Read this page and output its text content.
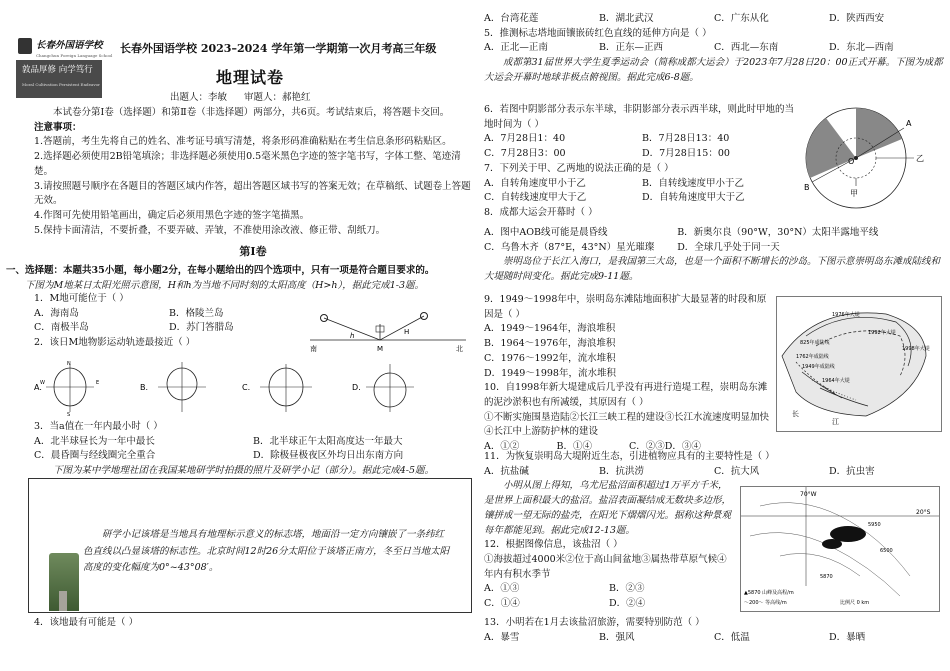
长春外国语学校
Changchun Foreign Language School
敦品厚修 向学笃行
Moral Cultivation Persistent Endeavor
长春外国语学校 2023–2024 学年第一学期第一次月考高三年级
地理试卷
出题人：李敏 审题人：郝艳红

本试卷分第Ⅰ卷（选择题）和第Ⅱ卷（非选择题）两部分，共6页。考试结束后，将答题卡交回。

注意事项：

1.答题前，考生先将自己的姓名、准考证号填写清楚，将条形码准确粘贴在考生信息条形码粘贴区。

2.选择题必须使用2B铅笔填涂；非选择题必须使用0.5毫米黑色字迹的签字笔书写，字体工整、笔迹清楚。

3.请按照题号顺序在各题目的答题区域内作答，超出答题区域书写的答案无效；在草稿纸、试题卷上答题无效。

4.作图可先使用铅笔画出，确定后必须用黑色字迹的签字笔描黑。

5.保持卡面清洁，不要折叠，不要弄破、弄皱，不准使用涂改液、修正带、刮纸刀。

第Ⅰ卷

一、选择题：本题共35小题，每小题2分，在每小题给出的四个选项中，只有一项是符合题目要求的。

下图为M地某日太阳光照示意图，H和h为当地不同时刻的太阳高度（H>h），据此完成1-3题。

南	北
M
h	H

1．M地可能位于（ ）

A．海南岛	B．格陵兰岛
C．南极半岛	D．苏门答腊岛

2．该日M地物影运动轨迹最接近（ ）

A.	B.	C.	D.
N
S
W	E

3．当a值在一年内最小时（ ）

A．北半球昼长为一年中最长	B．北半球正午太阳高度达一年最大
C．晨昏圈与经线圈完全重合	D．除极昼极夜区外均日出东南方向

下图为某中学地理社团在我国某地研学时拍摄的照片及研学小记（部分）。据此完成4-5题。

研学小记该塔是当地具有地理标示意义的标志塔，地面沿一定方向镶嵌了一条纬红色直线以凸显该塔的标志性。北京时间12时26分太阳位于该塔正南方，冬至日当地太阳高度的变化幅度为0°~43°08′。

4．该地最有可能是（ ）

A．台湾花莲	B．湖北武汉	C．广东从化	D．陕西西安

5．推测标志塔地面镶嵌砖红色直线的延伸方向是（ ）

A．正北—正南	B．正东—正西	C．西北—东南	D．东北—西南

成都第31届世界大学生夏季运动会（简称成都大运会）于2023年7月28日20：00正式开幕。下图为成都大运会开幕时地球非极点俯视图。据此完成6-8题。

6．若图中阴影部分表示东半球，非阴影部分表示西半球，则此时甲地的当地时间为（ ）

A．7月28日1：40	B．7月28日13：40
C．7月28日3：00	D．7月28日15：00

7．下列关于甲、乙两地的说法正确的是（ ）

A．自转角速度甲小于乙	B．自转线速度甲小于乙
C．自转线速度甲大于乙	D．自转角速度甲大于乙

8．成都大运会开幕时（ ）

A
B
O
甲
乙
A．图中AOB线可能是晨昏线	B．新奥尔良（90°W，30°N）太阳半露地平线
C．乌鲁木齐（87°E，43°N）星光璀璨	D．全球几乎处于同一天

崇明岛位于长江入海口，是我国第三大岛，也是一个面积不断增长的沙岛。下图示意崇明岛东滩成陆线和大堤随时间变化。据此完成9-11题。

9．1949～1998年中，崇明岛东滩陆地面积扩大最显著的时段和原因是（ ）

A．1949～1964年，海浪堆积
B．1964～1976年，海浪堆积
C．1976～1992年，流水堆积
D．1949～1998年，流水堆积

10．自1998年新大堤建成后几乎没有再进行造堤工程，崇明岛东滩的泥沙淤积也有所减缓，其原因有（ ）

①不断实施围垦造陆②长江三峡工程的建设③长江水流速度明显加快④长江中上游防护林的建设

A．①②	B．①④	C．②③D．③④
1976年大堤
1992年大堤
825年成陆线
1762年成陆线
1949年成陆线
1998年大堤
1964年大堤
长
江

11．为恢复崇明岛大堤附近生态，引进植物应具有的主要特性是（ ）

A．抗盐碱	B．抗洪涝	C．抗大风	D．抗虫害

小明从图上得知，乌尤尼盐沼面积超过1万平方千米，是世界上面积最大的盐沼。盐沼表面凝结成无数块多边形，镶拼成一望无际的盐壳，在阳光下熠熠闪光。据称这种景观每年都能见到。据此完成12-13题。

12．根据图像信息，该盐沼（ ）

①海拔超过4000米②位于高山间盆地③属热带草原气候④年内有积水季节

A．①③	B．②③
C．①④	D．②④
70°W
20°S
5950
6500
5870
▲5870 山峰及高程/m
～200～ 等高线/m	比例尺 0 km

13．小明若在1月去该盐沼旅游，需要特别防范（ ）

A．暴雪	B．强风	C．低温	D．暴晒
